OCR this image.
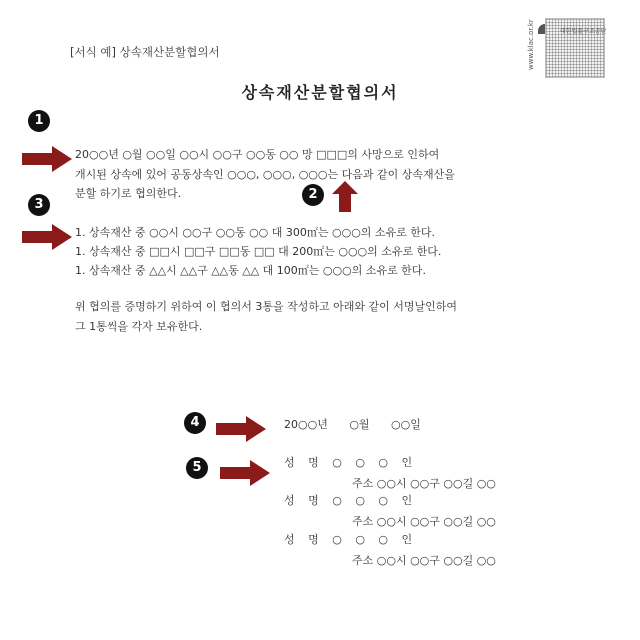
대한법률구조공단
www.klac.or.kr
[서식 예] 상속재산분할협의서
상속재산분할협의서
1
20○○년 ○월 ○○일 ○○시 ○○구 ○○동 ○○ 망 □□□의 사망으로 인하여
개시된 상속에 있어 공동상속인 ○○○, ○○○, ○○○는 다음과 같이 상속재산을
분할 하기로 협의한다.	2
3
1. 상속재산 중 ○○시 ○○구 ○○동 ○○ 대 300㎡는 ○○○의 소유로 한다.
1. 상속재산 중 □□시 □□구 □□동 □□ 대 200㎡는 ○○○의 소유로 한다.
1. 상속재산 중 △△시 △△구 △△동 △△ 대 100㎡는 ○○○의 소유로 한다.
위 협의를 증명하기 위하여 이 협의서 3통을 작성하고 아래와 같이 서명날인하여
그 1통씩을 각자 보유한다.
4	20○○년 ○월 ○○일
5	성 명 ○ ○ ○ 인
주소 ○○시 ○○구 ○○길 ○○
성 명 ○ ○ ○ 인
주소 ○○시 ○○구 ○○길 ○○
성 명 ○ ○ ○ 인
주소 ○○시 ○○구 ○○길 ○○
